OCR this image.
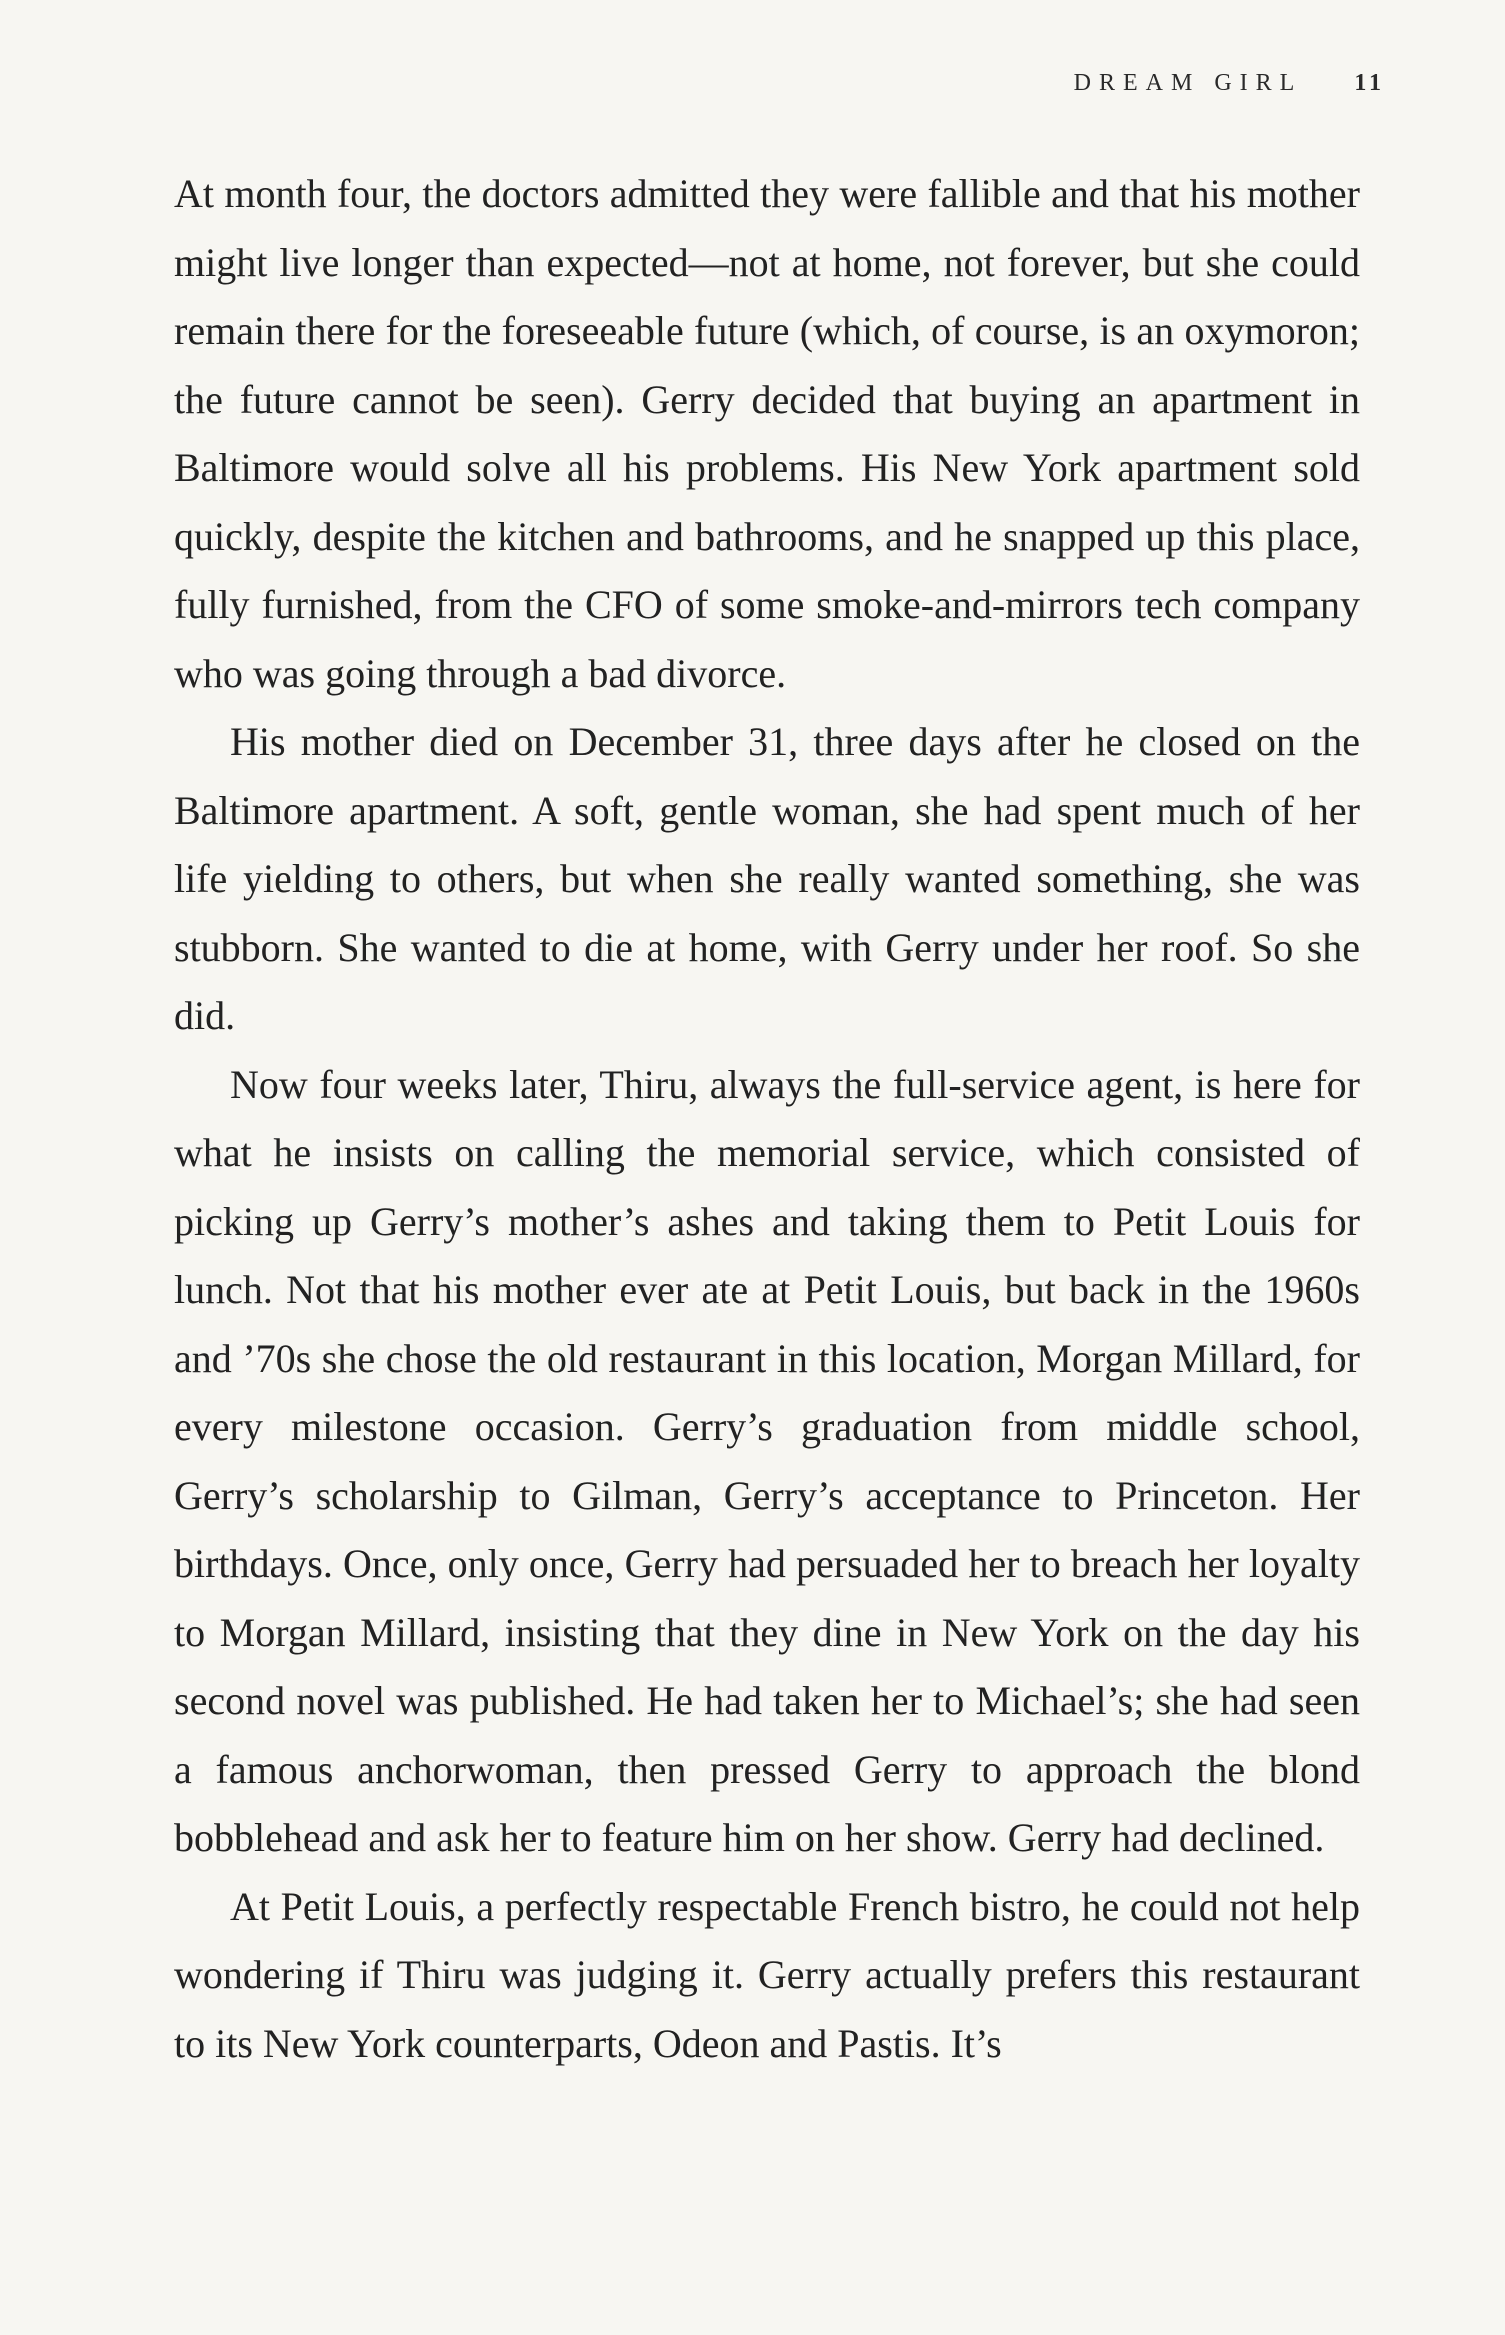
DREAM GIRL 11

At month four, the doctors admitted they were fallible and that his mother might live longer than expected—not at home, not forever, but she could remain there for the foreseeable future (which, of course, is an oxymoron; the future cannot be seen). Gerry decided that buying an apartment in Baltimore would solve all his problems. His New York apartment sold quickly, despite the kitchen and bathrooms, and he snapped up this place, fully furnished, from the CFO of some smoke-and-mirrors tech company who was going through a bad divorce.

His mother died on December 31, three days after he closed on the Baltimore apartment. A soft, gentle woman, she had spent much of her life yielding to others, but when she really wanted something, she was stubborn. She wanted to die at home, with Gerry under her roof. So she did.

Now four weeks later, Thiru, always the full-service agent, is here for what he insists on calling the memorial service, which consisted of picking up Gerry’s mother’s ashes and taking them to Petit Louis for lunch. Not that his mother ever ate at Petit Louis, but back in the 1960s and ’70s she chose the old restaurant in this location, Morgan Millard, for every milestone occasion. Gerry’s graduation from middle school, Gerry’s scholarship to Gilman, Gerry’s acceptance to Princeton. Her birthdays. Once, only once, Gerry had persuaded her to breach her loyalty to Morgan Millard, insisting that they dine in New York on the day his second novel was published. He had taken her to Michael’s; she had seen a famous anchorwoman, then pressed Gerry to approach the blond bobblehead and ask her to feature him on her show. Gerry had declined.

At Petit Louis, a perfectly respectable French bistro, he could not help wondering if Thiru was judging it. Gerry actually prefers this restaurant to its New York counterparts, Odeon and Pastis. It’s
